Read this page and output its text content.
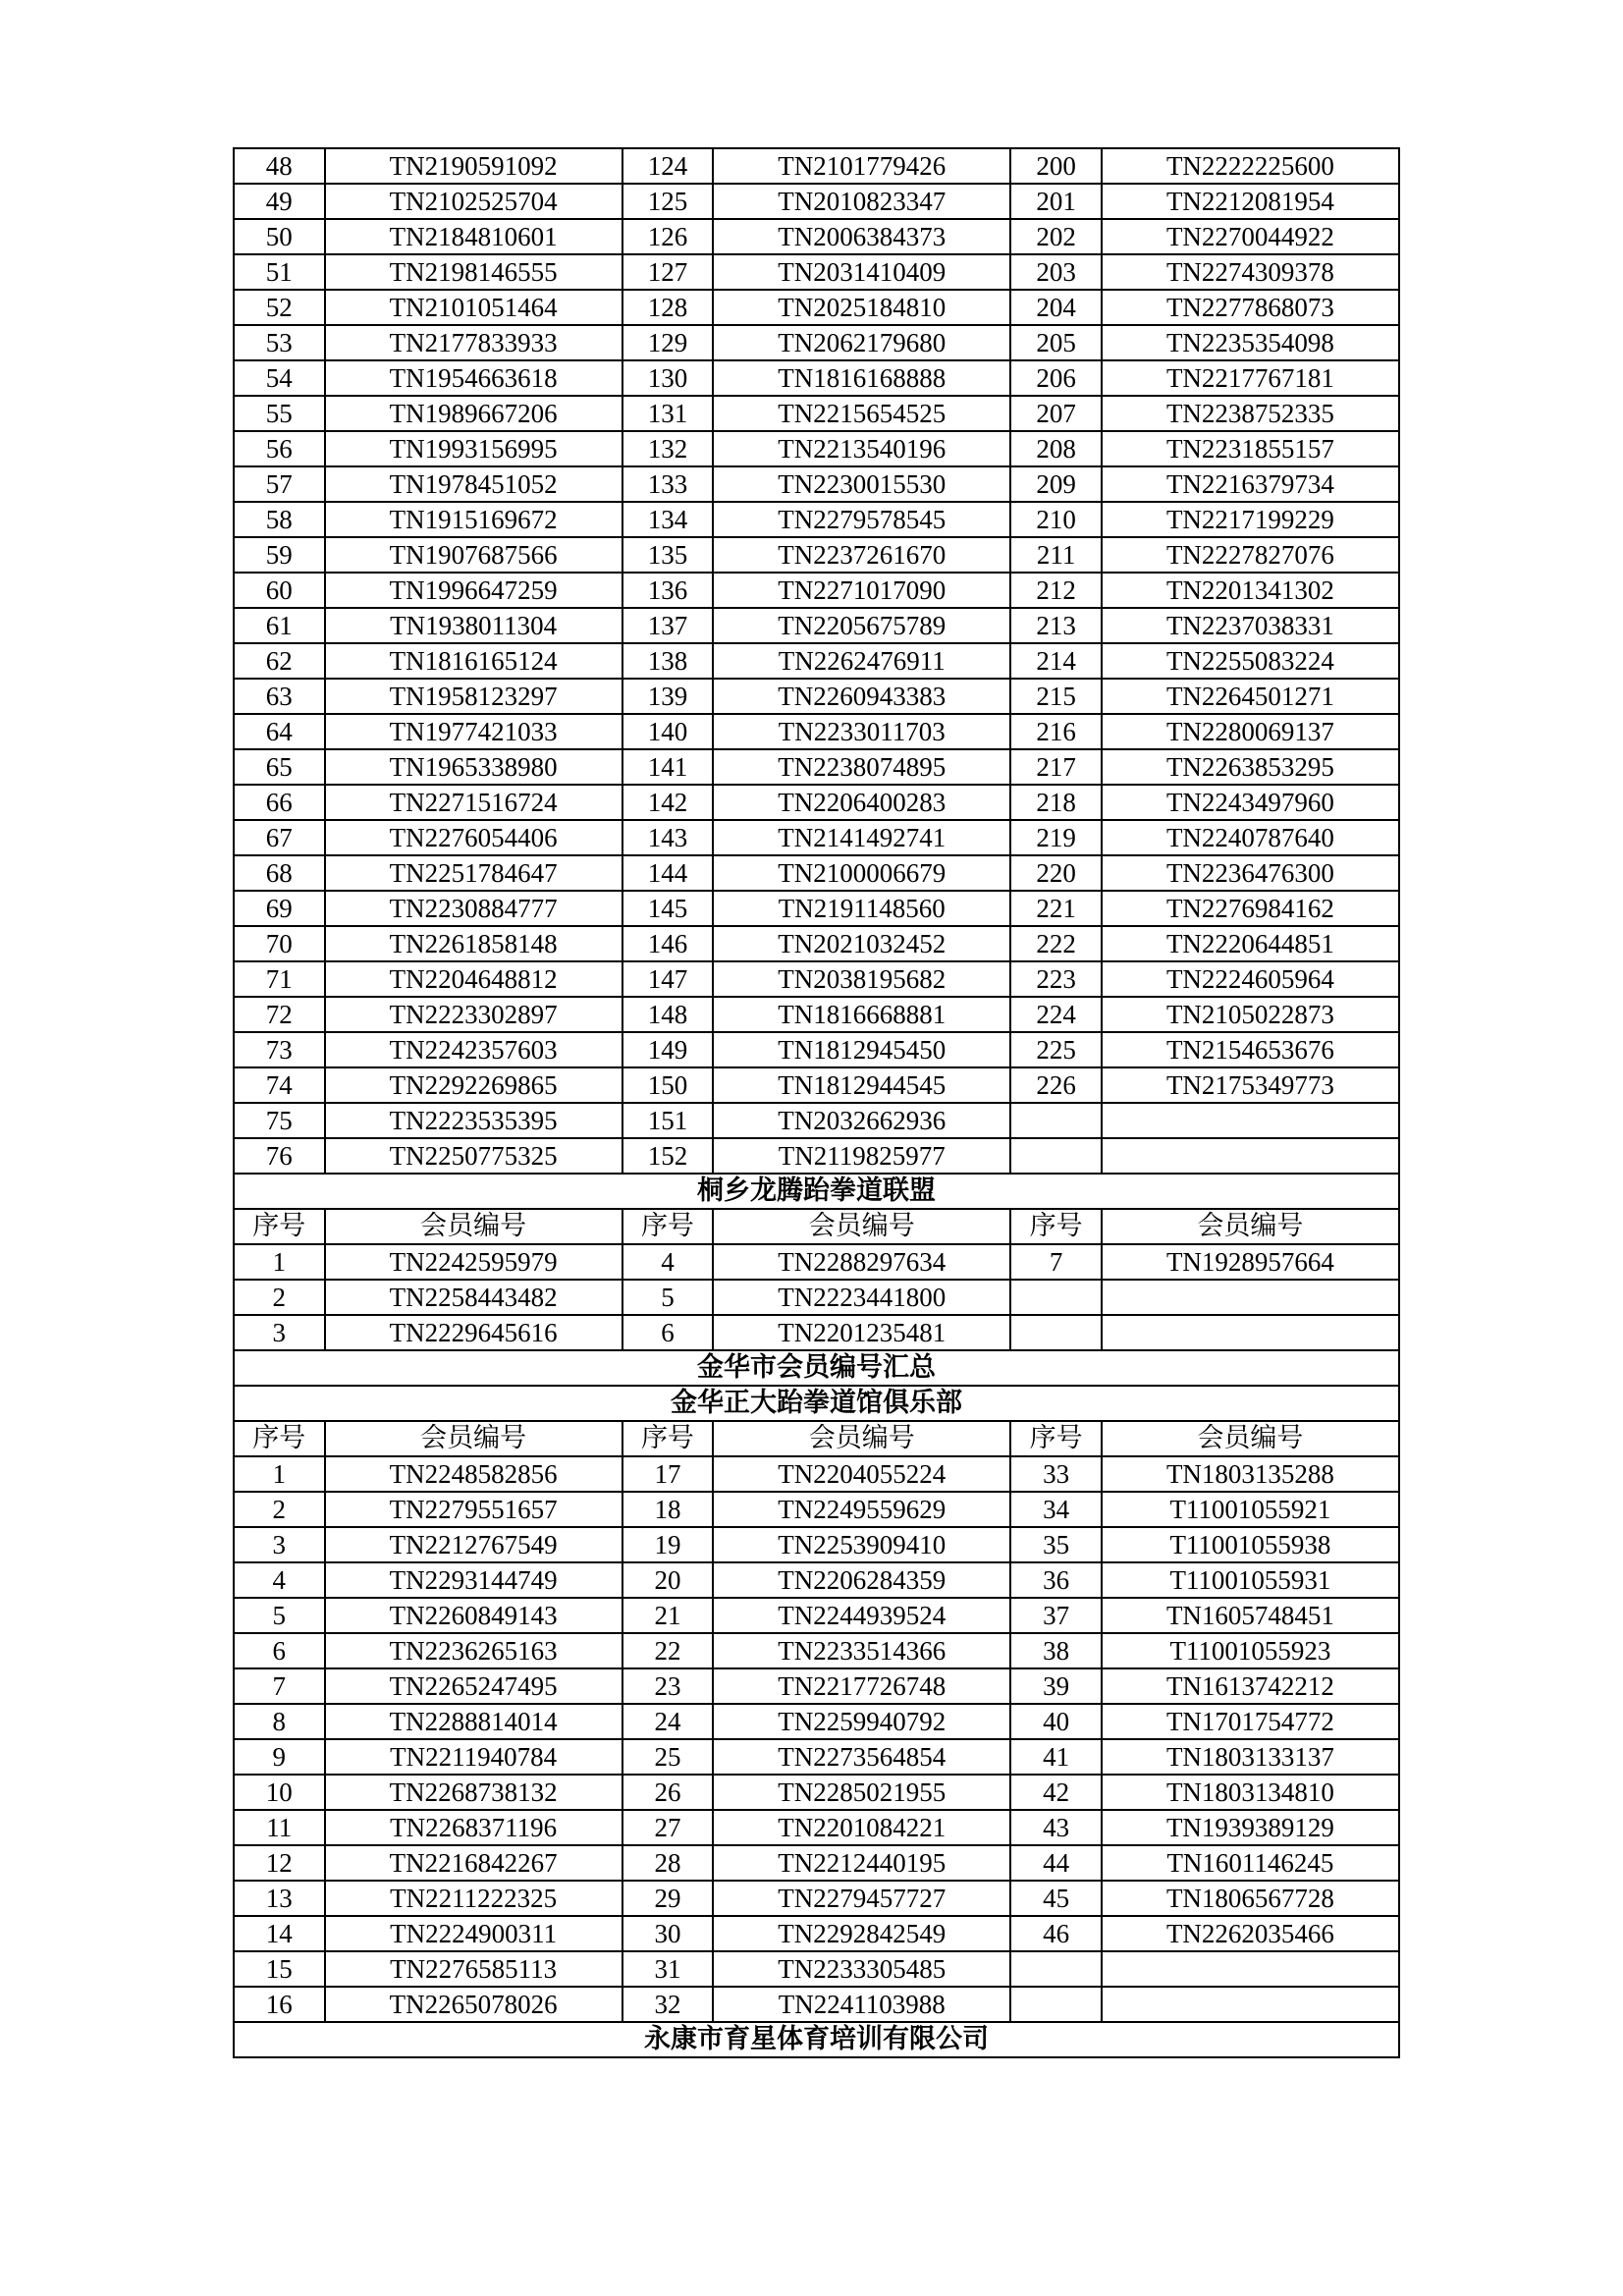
48	TN2190591092	124	TN2101779426	200	TN2222225600
49	TN2102525704	125	TN2010823347	201	TN2212081954
50	TN2184810601	126	TN2006384373	202	TN2270044922
51	TN2198146555	127	TN2031410409	203	TN2274309378
52	TN2101051464	128	TN2025184810	204	TN2277868073
53	TN2177833933	129	TN2062179680	205	TN2235354098
54	TN1954663618	130	TN1816168888	206	TN2217767181
55	TN1989667206	131	TN2215654525	207	TN2238752335
56	TN1993156995	132	TN2213540196	208	TN2231855157
57	TN1978451052	133	TN2230015530	209	TN2216379734
58	TN1915169672	134	TN2279578545	210	TN2217199229
59	TN1907687566	135	TN2237261670	211	TN2227827076
60	TN1996647259	136	TN2271017090	212	TN2201341302
61	TN1938011304	137	TN2205675789	213	TN2237038331
62	TN1816165124	138	TN2262476911	214	TN2255083224
63	TN1958123297	139	TN2260943383	215	TN2264501271
64	TN1977421033	140	TN2233011703	216	TN2280069137
65	TN1965338980	141	TN2238074895	217	TN2263853295
66	TN2271516724	142	TN2206400283	218	TN2243497960
67	TN2276054406	143	TN2141492741	219	TN2240787640
68	TN2251784647	144	TN2100006679	220	TN2236476300
69	TN2230884777	145	TN2191148560	221	TN2276984162
70	TN2261858148	146	TN2021032452	222	TN2220644851
71	TN2204648812	147	TN2038195682	223	TN2224605964
72	TN2223302897	148	TN1816668881	224	TN2105022873
73	TN2242357603	149	TN1812945450	225	TN2154653676
74	TN2292269865	150	TN1812944545	226	TN2175349773
75	TN2223535395	151	TN2032662936		
76	TN2250775325	152	TN2119825977		
桐乡龙腾跆拳道联盟					
序号	会员编号	序号	会员编号	序号	会员编号
1	TN2242595979	4	TN2288297634	7	TN1928957664
2	TN2258443482	5	TN2223441800		
3	TN2229645616	6	TN2201235481		
金华市会员编号汇总					
金华正大跆拳道馆俱乐部					
序号	会员编号	序号	会员编号	序号	会员编号
1	TN2248582856	17	TN2204055224	33	TN1803135288
2	TN2279551657	18	TN2249559629	34	T11001055921
3	TN2212767549	19	TN2253909410	35	T11001055938
4	TN2293144749	20	TN2206284359	36	T11001055931
5	TN2260849143	21	TN2244939524	37	TN1605748451
6	TN2236265163	22	TN2233514366	38	T11001055923
7	TN2265247495	23	TN2217726748	39	TN1613742212
8	TN2288814014	24	TN2259940792	40	TN1701754772
9	TN2211940784	25	TN2273564854	41	TN1803133137
10	TN2268738132	26	TN2285021955	42	TN1803134810
11	TN2268371196	27	TN2201084221	43	TN1939389129
12	TN2216842267	28	TN2212440195	44	TN1601146245
13	TN2211222325	29	TN2279457727	45	TN1806567728
14	TN2224900311	30	TN2292842549	46	TN2262035466
15	TN2276585113	31	TN2233305485		
16	TN2265078026	32	TN2241103988		
永康市育星体育培训有限公司					
